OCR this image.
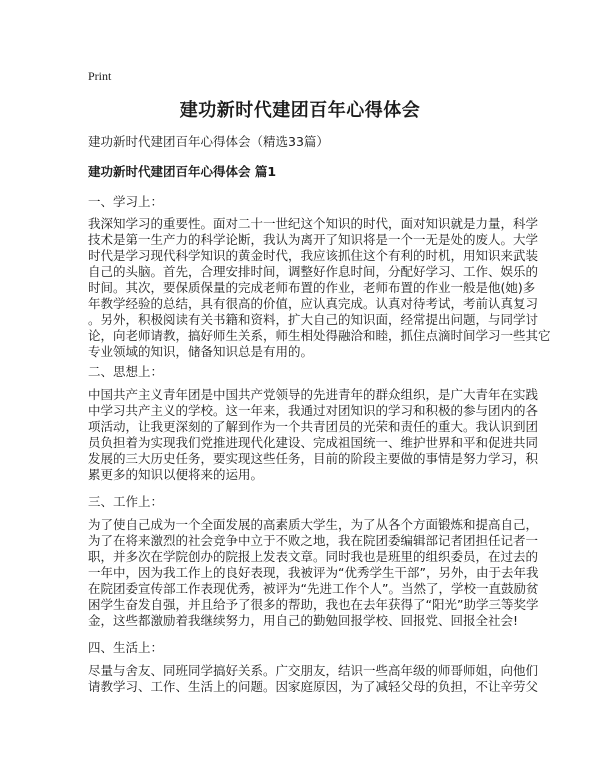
Print
建功新时代建团百年心得体会
建功新时代建团百年心得体会（精选33篇）
建功新时代建团百年心得体会 篇1
一、学习上：
我深知学习的重要性。面对二十一世纪这个知识的时代，面对知识就是力量，科学
技术是第一生产力的科学论断，我认为离开了知识将是一个一无是处的废人。大学
时代是学习现代科学知识的黄金时代，我应该抓住这个有利的时机，用知识来武装
自己的头脑。首先，合理安排时间，调整好作息时间，分配好学习、工作、娱乐的
时间。其次，要保质保量的完成老师布置的作业，老师布置的作业一般是他(她)多
年教学经验的总结，具有很高的价值，应认真完成。认真对待考试，考前认真复习
。另外，积极阅读有关书籍和资料，扩大自己的知识面，经常提出问题，与同学讨
论，向老师请教，搞好师生关系，师生相处得融洽和睦，抓住点滴时间学习一些其它
专业领域的知识，储备知识总是有用的。
二、思想上：
中国共产主义青年团是中国共产党领导的先进青年的群众组织，是广大青年在实践
中学习共产主义的学校。这一年来，我通过对团知识的学习和积极的参与团内的各
项活动，让我更深刻的了解到作为一个共青团员的光荣和责任的重大。我认识到团
员负担着为实现我们党推进现代化建设、完成祖国统一、维护世界和平和促进共同
发展的三大历史任务，要实现这些任务，目前的阶段主要做的事情是努力学习，积
累更多的知识以便将来的运用。
三、工作上：
为了使自己成为一个全面发展的高素质大学生，为了从各个方面锻炼和提高自己，
为了在将来激烈的社会竞争中立于不败之地，我在院团委编辑部记者团担任记者一
职，并多次在学院创办的院报上发表文章。同时我也是班里的组织委员，在过去的
一年中，因为我工作上的良好表现，我被评为“优秀学生干部”，另外，由于去年我
在院团委宣传部工作表现优秀，被评为“先进工作个人”。当然了，学校一直鼓励贫
困学生奋发自强，并且给予了很多的帮助，我也在去年获得了“阳光”助学三等奖学
金，这些都激励着我继续努力，用自己的勤勉回报学校、回报党、回报全社会!
四、生活上：
尽量与舍友、同班同学搞好关系。广交朋友，结识一些高年级的师哥师姐，向他们
请教学习、工作、生活上的问题。因家庭原因，为了减轻父母的负担，不让辛劳父
